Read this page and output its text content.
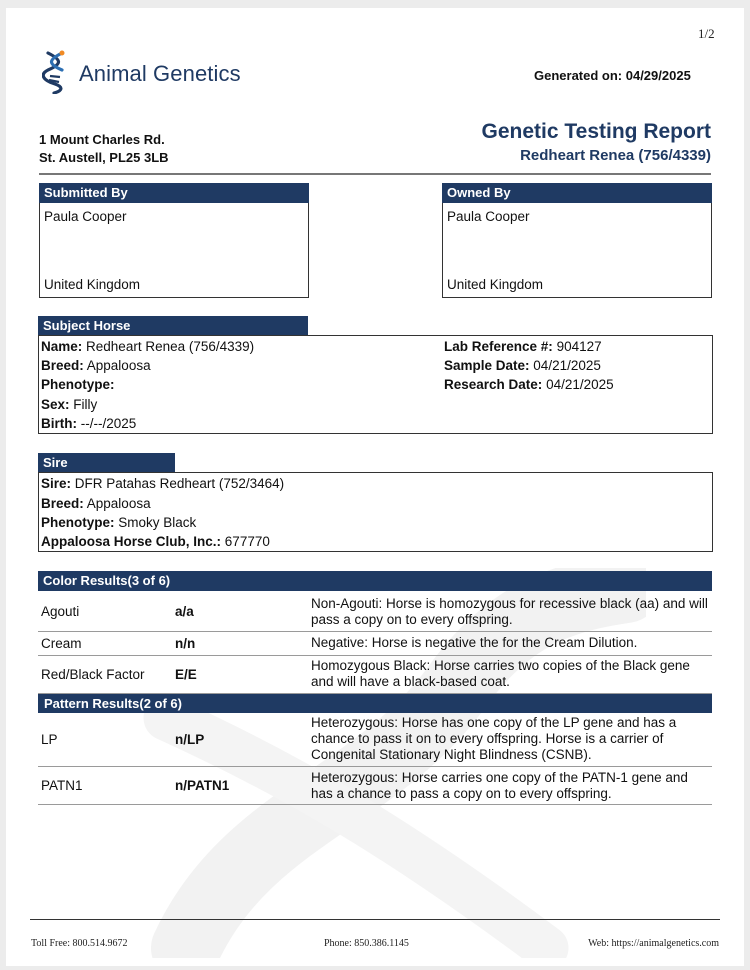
1/2
Animal Genetics	Generated on: 04/29/2025
1 Mount Charles Rd.
St. Austell, PL25 3LB
Genetic Testing Report
Redheart Renea (756/4339)
Submitted By
Paula Cooper
United Kingdom
Owned By
Paula Cooper
United Kingdom
Subject Horse
Name: Redheart Renea (756/4339)
Breed: Appaloosa
Phenotype:
Sex: Filly
Birth: --/--/2025
Lab Reference #: 904127
Sample Date: 04/21/2025
Research Date: 04/21/2025
Sire
Sire: DFR Patahas Redheart (752/3464)
Breed: Appaloosa
Phenotype: Smoky Black
Appaloosa Horse Club, Inc.: 677770
Color Results(3 of 6)
Agouti	a/a	Non-Agouti: Horse is homozygous for recessive black (aa) and will pass a copy on to every offspring.
Cream	n/n	Negative: Horse is negative the for the Cream Dilution.
Red/Black Factor	E/E	Homozygous Black: Horse carries two copies of the Black gene and will have a black-based coat.
Pattern Results(2 of 6)		
LP	n/LP	Heterozygous: Horse has one copy of the LP gene and has a chance to pass it on to every offspring. Horse is a carrier of Congenital Stationary Night Blindness (CSNB).
PATN1	n/PATN1	Heterozygous: Horse carries one copy of the PATN-1 gene and has a chance to pass a copy on to every offspring.
Toll Free: 800.514.9672	Phone: 850.386.1145	Web: https://animalgenetics.com
